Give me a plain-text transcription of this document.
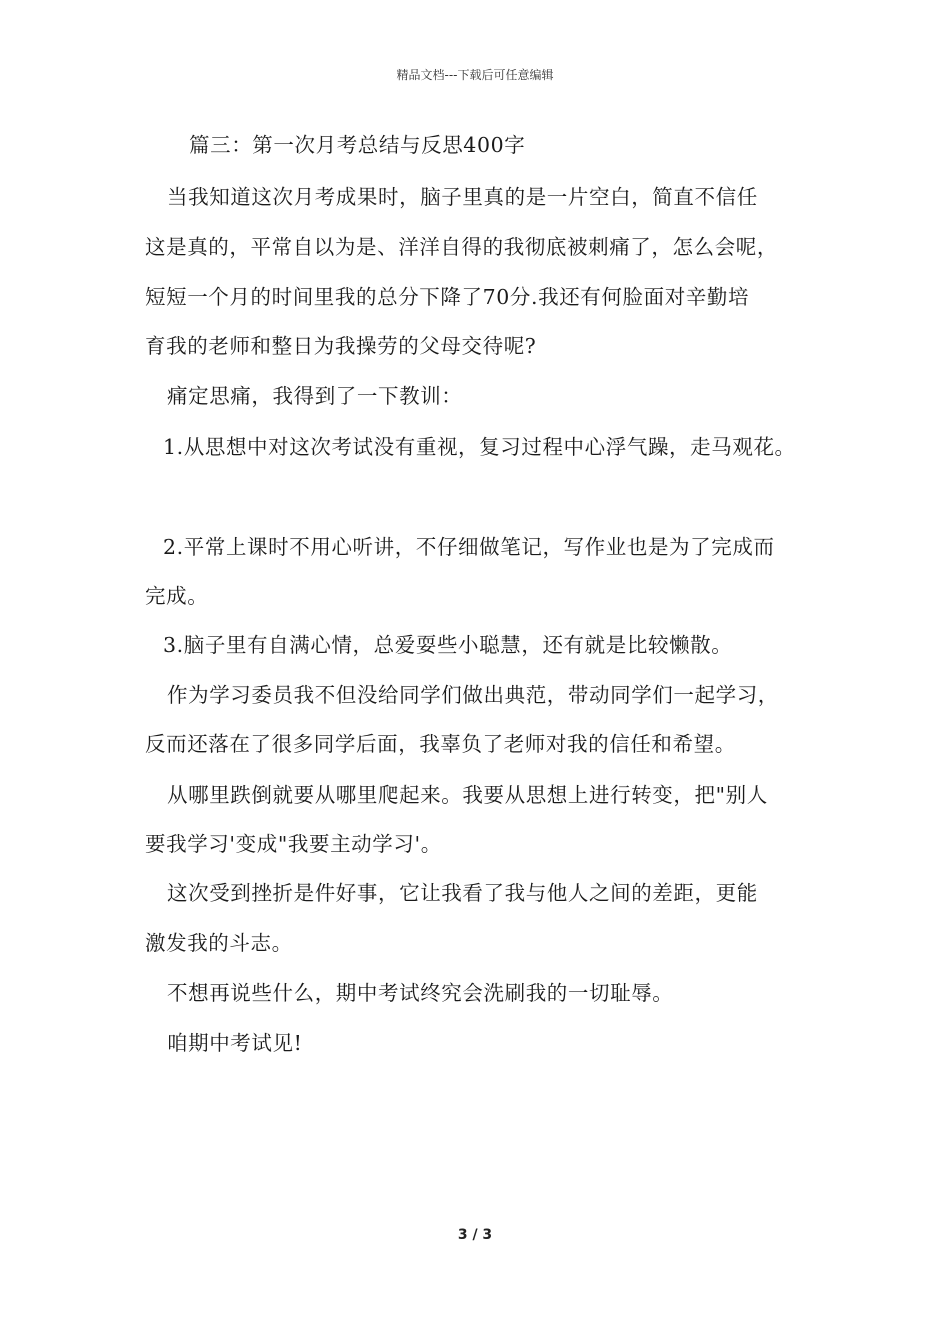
精品文档---下载后可任意编辑
篇三：第一次月考总结与反思400字
当我知道这次月考成果时，脑子里真的是一片空白，简直不信任
这是真的，平常自以为是、洋洋自得的我彻底被刺痛了，怎么会呢，
短短一个月的时间里我的总分下降了70分.我还有何脸面对辛勤培
育我的老师和整日为我操劳的父母交待呢?
痛定思痛，我得到了一下教训：
1.从思想中对这次考试没有重视，复习过程中心浮气躁，走马观花。
2.平常上课时不用心听讲，不仔细做笔记，写作业也是为了完成而
完成。
3.脑子里有自满心情，总爱耍些小聪慧，还有就是比较懒散。
作为学习委员我不但没给同学们做出典范，带动同学们一起学习，
反而还落在了很多同学后面，我辜负了老师对我的信任和希望。
从哪里跌倒就要从哪里爬起来。我要从思想上进行转变，把"别人
要我学习'变成"我要主动学习'。
这次受到挫折是件好事，它让我看了我与他人之间的差距，更能
激发我的斗志。
不想再说些什么，期中考试终究会洗刷我的一切耻辱。
咱期中考试见!
3 / 3
